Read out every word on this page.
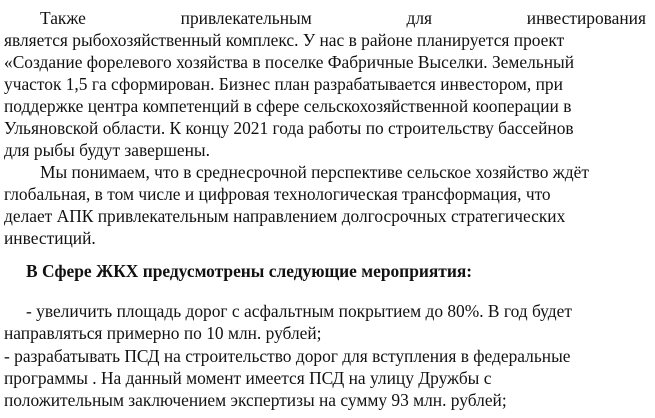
Также	привлекательным	для	инвестирования
является рыбохозяйственный комплекс. У нас в районе планируется проект
«Создание форелевого хозяйства в поселке Фабричные Выселки. Земельный
участок 1,5 га сформирован. Бизнес план разрабатывается инвестором, при
поддержке центра компетенций в сфере сельскохозяйственной кооперации в
Ульяновской области. К концу 2021 года работы по строительству бассейнов
для рыбы будут завершены.
Мы понимаем, что в среднесрочной перспективе сельское хозяйство ждёт
глобальная, в том числе и цифровая технологическая трансформация, что
делает АПК привлекательным направлением долгосрочных стратегических
инвестиций.
В Сфере ЖКХ предусмотрены следующие мероприятия:
- увеличить площадь дорог с асфальтным покрытием до 80%. В год будет
направляться примерно по 10 млн. рублей;
- разрабатывать ПСД на строительство дорог для вступления в федеральные
программы . На данный момент имеется ПСД на улицу Дружбы с
положительным заключением экспертизы на сумму 93 млн. рублей;
